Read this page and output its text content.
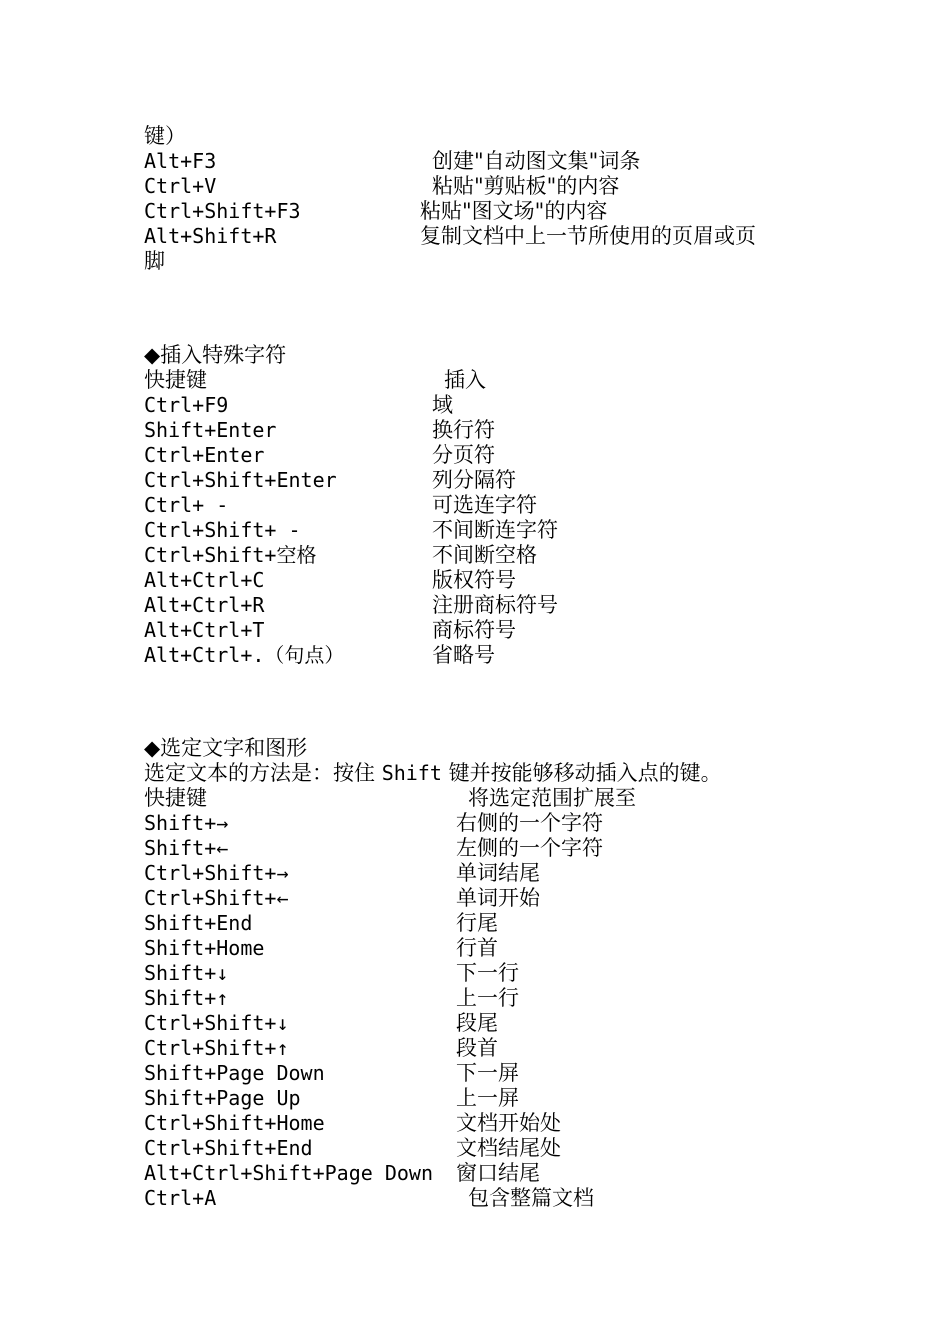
键）
Alt+F3	创建"自动图文集"词条
Ctrl+V	粘贴"剪贴板"的内容
Ctrl+Shift+F3	粘贴"图文场"的内容
Alt+Shift+R	复制文档中上一节所使用的页眉或页
脚
◆插入特殊字符
快捷键	插入
Ctrl+F9	域
Shift+Enter	换行符
Ctrl+Enter	分页符
Ctrl+Shift+Enter	列分隔符
Ctrl+ -	可选连字符
Ctrl+Shift+ -	不间断连字符
Ctrl+Shift+空格	不间断空格
Alt+Ctrl+C	版权符号
Alt+Ctrl+R	注册商标符号
Alt+Ctrl+T	商标符号
Alt+Ctrl+.（句点）	省略号
◆选定文字和图形
选定文本的方法是：按住 Shift 键并按能够移动插入点的键。
快捷键	将选定范围扩展至
Shift+→	右侧的一个字符
Shift+←	左侧的一个字符
Ctrl+Shift+→	单词结尾
Ctrl+Shift+←	单词开始
Shift+End	行尾
Shift+Home	行首
Shift+↓	下一行
Shift+↑	上一行
Ctrl+Shift+↓	段尾
Ctrl+Shift+↑	段首
Shift+Page Down	下一屏
Shift+Page Up	上一屏
Ctrl+Shift+Home	文档开始处
Ctrl+Shift+End	文档结尾处
Alt+Ctrl+Shift+Page Down 窗口结尾
Ctrl+A	包含整篇文档
